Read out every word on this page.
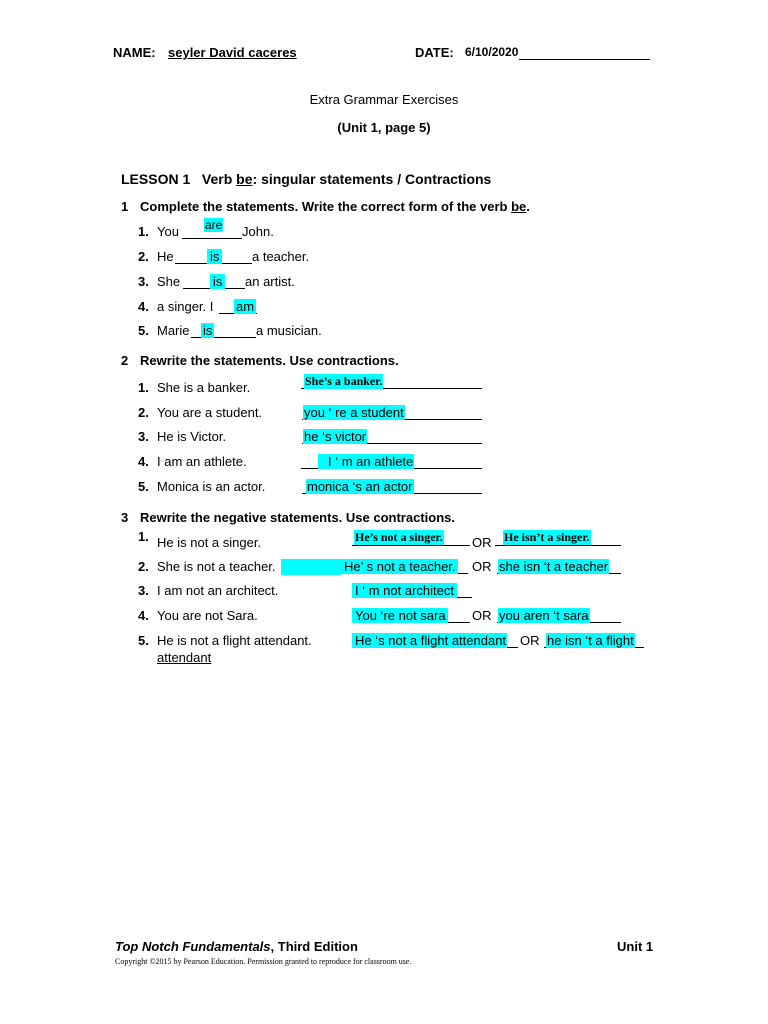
NAME: seyler David caceres	DATE: 6/10/2020
Extra Grammar Exercises
(Unit 1, page 5)
LESSON 1 Verb be: singular statements / Contractions
1 Complete the statements. Write the correct form of the verb be.
1. You are John.
2. He	is	a teacher.
3. She	is an artist.
4. a singer. I am
5. Marie is	a musician.
2 Rewrite the statements. Use contractions.
1. She is a banker.	She’s a banker.
2. You are a student.	you ‘ re a student
3. He is Victor.	he ‘s victor
4. I am an athlete.	I ‘ m an athlete
5. Monica is an actor.	monica ‘s an actor
3 Rewrite the negative statements. Use contractions.
1. He is not a singer.	He’s not a singer. OR He isn’t a singer.
2. She is not a teacher.	He’ s not a teacher. OR she isn ‘t a teacher
3. I am not an architect.	I ‘ m not architect
4. You are not Sara.	You ‘re not sara OR you aren ‘t sara
5. He is not a flight attendant.	He ‘s not a flight attendant OR he isn ‘t a flight
attendant
Top Notch Fundamentals, Third Edition	Unit 1
Copyright ©2015 by Pearson Education. Permission granted to reproduce for classroom use.
